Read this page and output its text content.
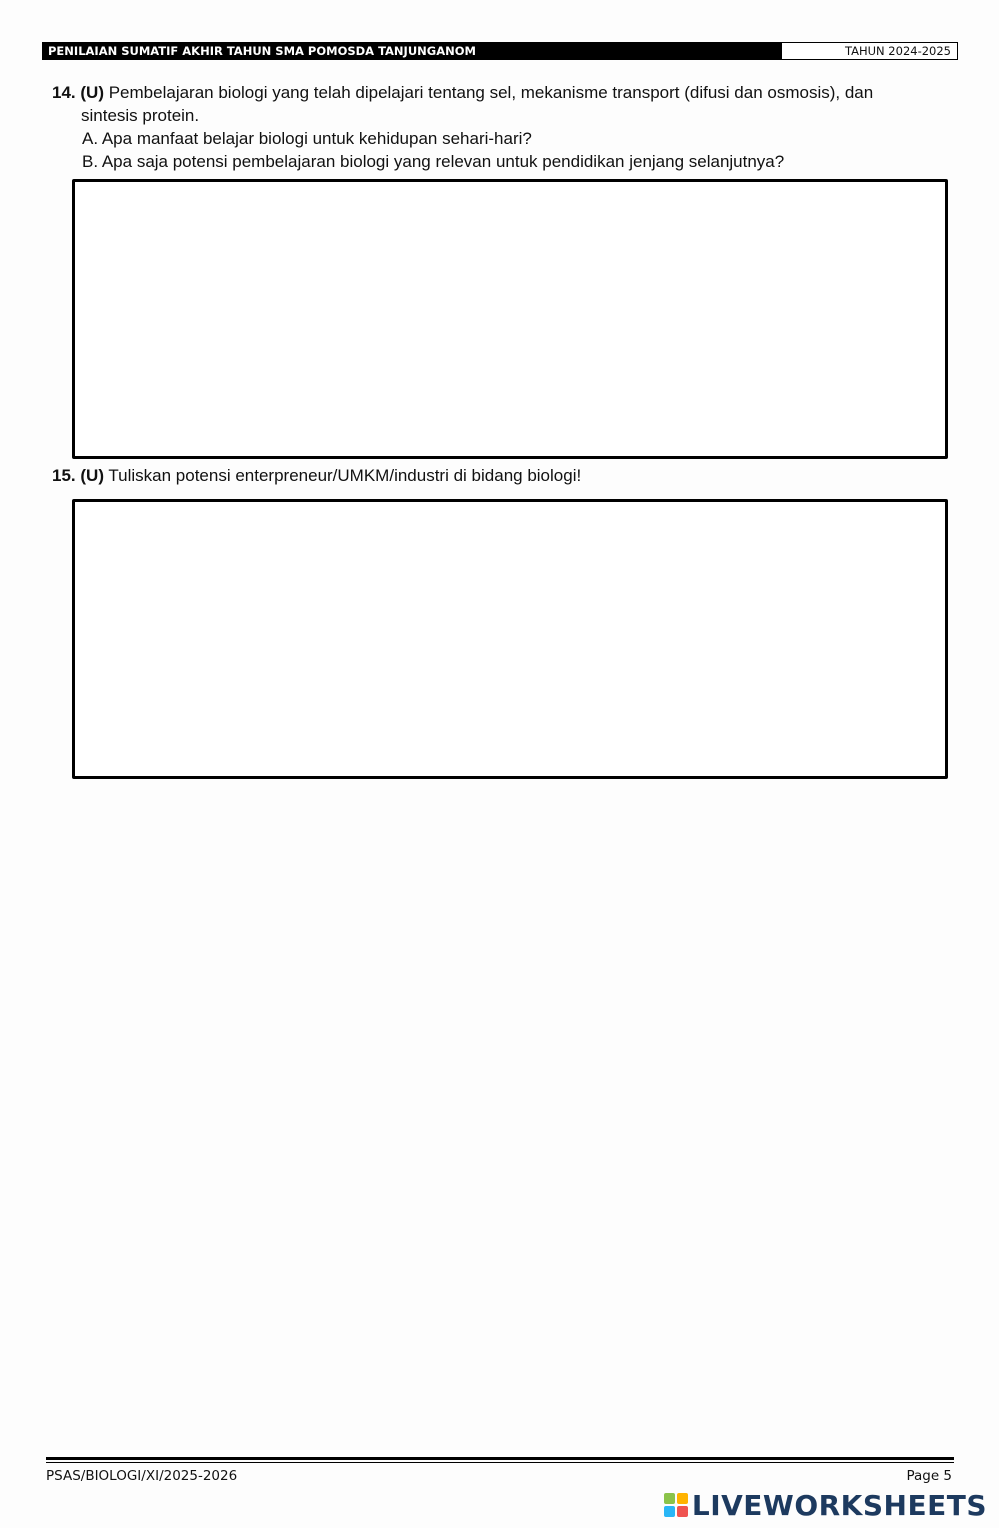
PENILAIAN SUMATIF AKHIR TAHUN SMA POMOSDA TANJUNGANOM	TAHUN 2024-2025
14. (U) Pembelajaran biologi yang telah dipelajari tentang sel, mekanisme transport (difusi dan osmosis), dan
sintesis protein.
A. Apa manfaat belajar biologi untuk kehidupan sehari-hari?
B. Apa saja potensi pembelajaran biologi yang relevan untuk pendidikan jenjang selanjutnya?
15. (U) Tuliskan potensi enterpreneur/UMKM/industri di bidang biologi!
PSAS/BIOLOGI/XI/2025-2026	Page 5
LIVEWORKSHEETS
